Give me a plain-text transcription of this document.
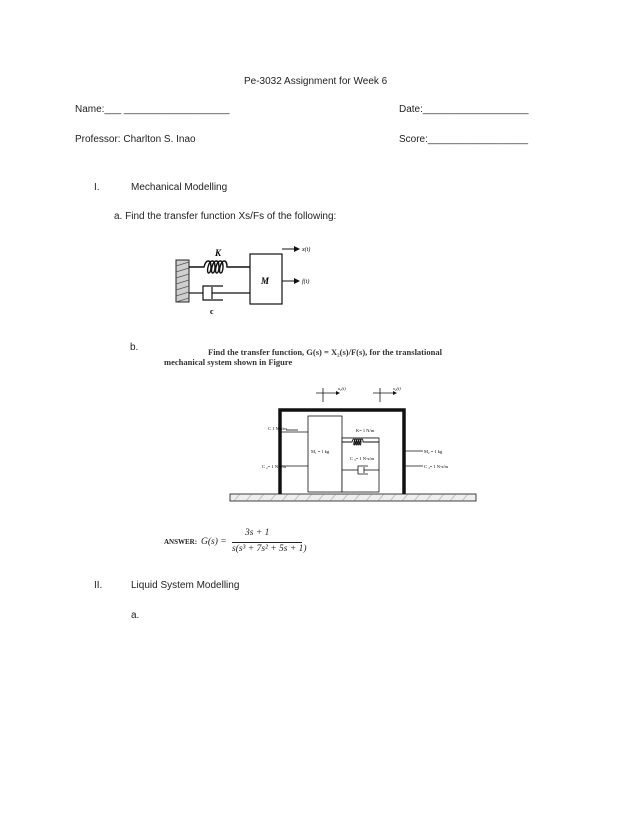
Pe-3032 Assignment for Week 6
Name:___ ___________________	Date:___________________
Professor: Charlton S. Inao	Score:__________________
I.	Mechanical Modelling
a. Find the transfer function Xs/Fs of the following:
K
c
M
x(t)
f(t)
b.	Find the transfer function, G(s) = X₂(s)/F(s), for the translational
mechanical system shown in Figure
x₁(t)	x₂(t)
M₁ = 1 kg
C 1 N-s/m	K= 1 N/m
C ₃= 1 N-s/m
M₂ = 1 kg
C ₄= 1 N-s/m
C ₂= 1 N-s/m
ANSWER: G(s) =
3s + 1
s(s³ + 7s² + 5s + 1)
II.	Liquid System Modelling
a.
